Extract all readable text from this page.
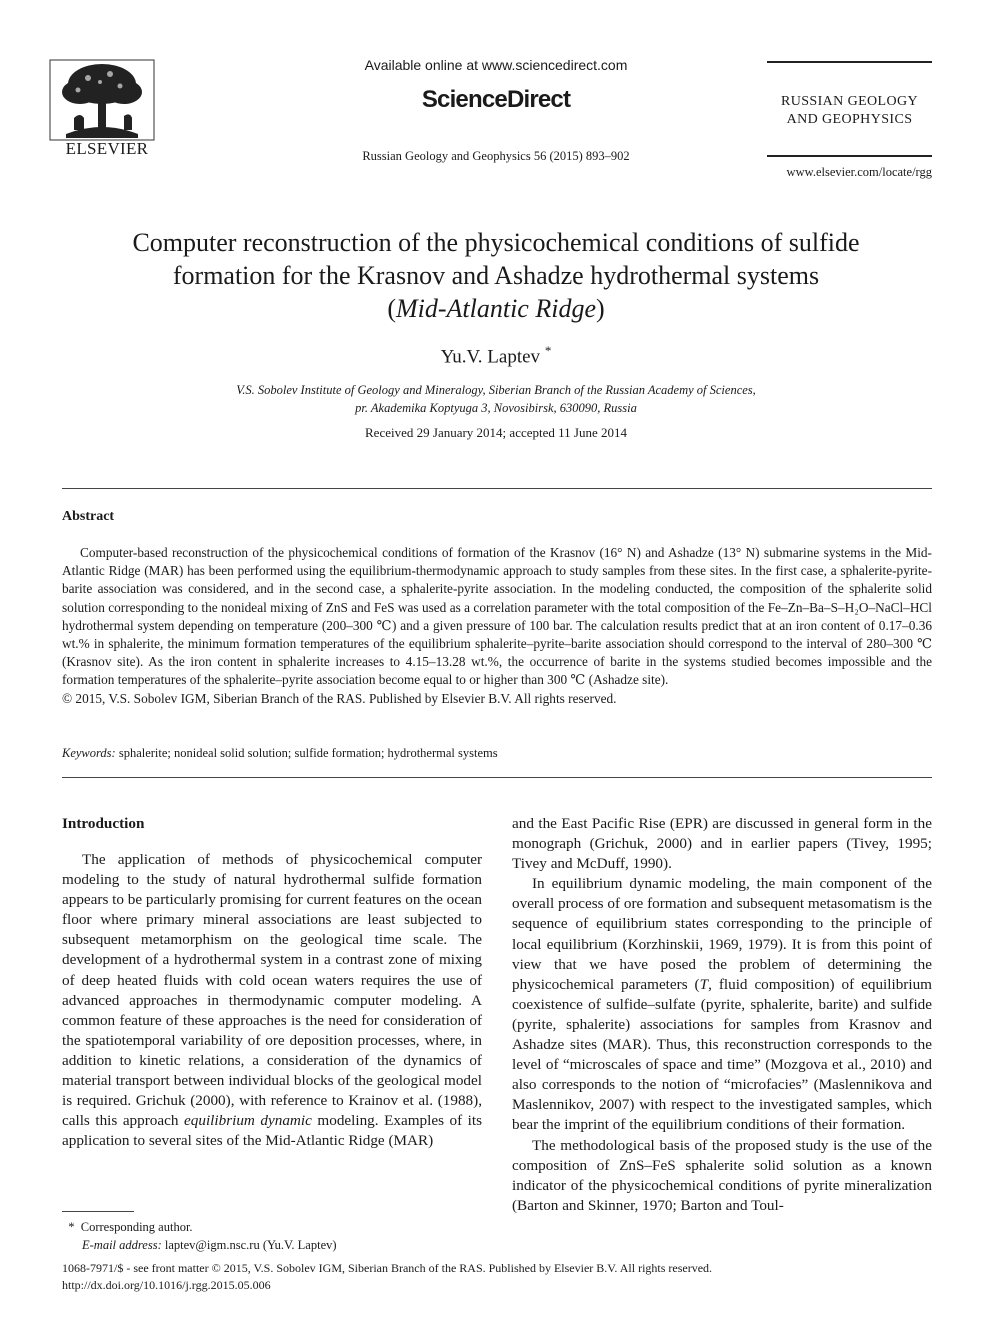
ELSEVIER
Available online at www.sciencedirect.com
ScienceDirect
Russian Geology and Geophysics 56 (2015) 893–902
RUSSIAN GEOLOGY
AND GEOPHYSICS
www.elsevier.com/locate/rgg
Computer reconstruction of the physicochemical conditions of sulfide
formation for the Krasnov and Ashadze hydrothermal systems
(Mid-Atlantic Ridge)
Yu.V. Laptev *
V.S. Sobolev Institute of Geology and Mineralogy, Siberian Branch of the Russian Academy of Sciences,
pr. Akademika Koptyuga 3, Novosibirsk, 630090, Russia
Received 29 January 2014; accepted 11 June 2014
Abstract

Computer-based reconstruction of the physicochemical conditions of formation of the Krasnov (16° N) and Ashadze (13° N) submarine systems in the Mid-Atlantic Ridge (MAR) has been performed using the equilibrium-thermodynamic approach to study samples from these sites. In the first case, a sphalerite-pyrite-barite association was considered, and in the second case, a sphalerite-pyrite association. In the modeling conducted, the composition of the sphalerite solid solution corresponding to the nonideal mixing of ZnS and FeS was used as a correlation parameter with the total composition of the Fe–Zn–Ba–S–H₂O–NaCl–HCl hydrothermal system depending on temperature (200–300 ℃) and a given pressure of 100 bar. The calculation results predict that at an iron content of 0.17–0.36 wt.% in sphalerite, the minimum formation temperatures of the equilibrium sphalerite–pyrite–barite association should correspond to the interval of 280–300 ℃ (Krasnov site). As the iron content in sphalerite increases to 4.15–13.28 wt.%, the occurrence of barite in the systems studied becomes impossible and the formation temperatures of the sphalerite–pyrite association become equal to or higher than 300 ℃ (Ashadze site).

© 2015, V.S. Sobolev IGM, Siberian Branch of the RAS. Published by Elsevier B.V. All rights reserved.

Keywords: sphalerite; nonideal solid solution; sulfide formation; hydrothermal systems
Introduction

The application of methods of physicochemical computer modeling to the study of natural hydrothermal sulfide formation appears to be particularly promising for current features on the ocean floor where primary mineral associations are least subjected to subsequent metamorphism on the geological time scale. The development of a hydrothermal system in a contrast zone of mixing of deep heated fluids with cold ocean waters requires the use of advanced approaches in thermodynamic computer modeling. A common feature of these approaches is the need for consideration of the spatiotemporal variability of ore deposition processes, where, in addition to kinetic relations, a consideration of the dynamics of material transport between individual blocks of the geological model is required. Grichuk (2000), with reference to Krainov et al. (1988), calls this approach equilibrium dynamic modeling. Examples of its application to several sites of the Mid-Atlantic Ridge (MAR)

and the East Pacific Rise (EPR) are discussed in general form in the monograph (Grichuk, 2000) and in earlier papers (Tivey, 1995; Tivey and McDuff, 1990).

In equilibrium dynamic modeling, the main component of the overall process of ore formation and subsequent metasomatism is the sequence of equilibrium states corresponding to the principle of local equilibrium (Korzhinskii, 1969, 1979). It is from this point of view that we have posed the problem of determining the physicochemical parameters (T, fluid composition) of equilibrium coexistence of sulfide–sulfate (pyrite, sphalerite, barite) and sulfide (pyrite, sphalerite) associations for samples from Krasnov and Ashadze sites (MAR). Thus, this reconstruction corresponds to the level of “microscales of space and time” (Mozgova et al., 2010) and also corresponds to the notion of “microfacies” (Maslennikova and Maslennikov, 2007) with respect to the investigated samples, which bear the imprint of the equilibrium conditions of their formation.

The methodological basis of the proposed study is the use of the composition of ZnS–FeS sphalerite solid solution as a known indicator of the physicochemical conditions of pyrite mineralization (Barton and Skinner, 1970; Barton and Toul-

* Corresponding author.
E-mail address: laptev@igm.nsc.ru (Yu.V. Laptev)
1068-7971/$ - see front matter © 2015, V.S. Sobolev IGM, Siberian Branch of the RAS. Published by Elsevier B.V. All rights reserved.
http://dx.doi.org/10.1016/j.rgg.2015.05.006
